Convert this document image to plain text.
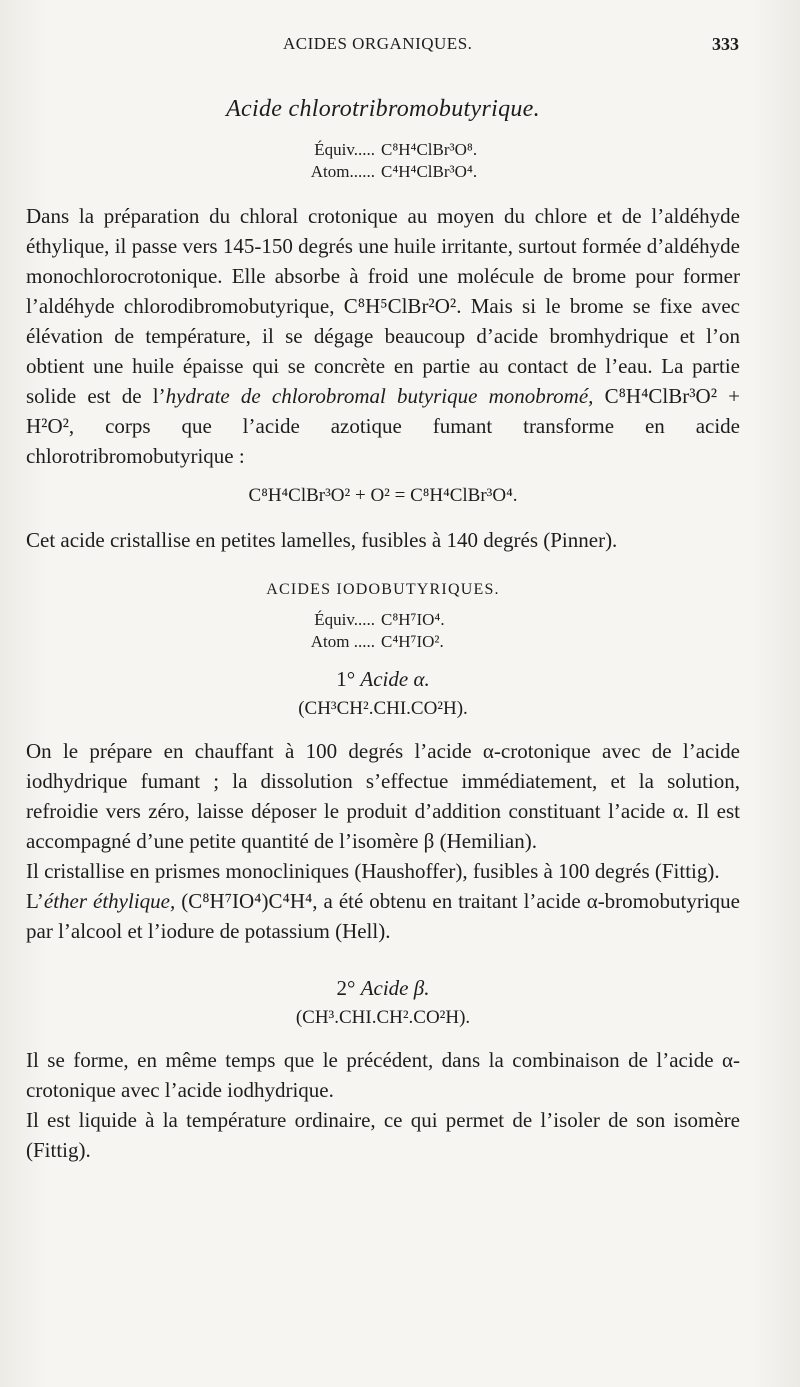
ACIDES ORGANIQUES.	333
Acide chlorotribromobutyrique.
Équiv..... C⁸H⁴ClBr³O⁸.
Atom...... C⁴H⁴ClBr³O⁴.

Dans la préparation du chloral crotonique au moyen du chlore et de l’aldéhyde éthylique, il passe vers 145-150 degrés une huile irritante, surtout formée d’aldéhyde monochlorocrotonique. Elle absorbe à froid une molécule de brome pour former l’aldéhyde chlorodibromobutyrique, C⁸H⁵ClBr²O². Mais si le brome se fixe avec élévation de température, il se dégage beaucoup d’acide bromhydrique et l’on obtient une huile épaisse qui se concrète en partie au contact de l’eau. La partie solide est de l’hydrate de chlorobromal butyrique monobromé, C⁸H⁴ClBr³O² + H²O², corps que l’acide azotique fumant transforme en acide chlorotribromobutyrique :

C⁸H⁴ClBr³O² + O² = C⁸H⁴ClBr³O⁴.

Cet acide cristallise en petites lamelles, fusibles à 140 degrés (Pinner).

ACIDES IODOBUTYRIQUES.
Équiv..... C⁸H⁷IO⁴.
Atom ..... C⁴H⁷IO².
1° Acide α.
(CH³CH².CHI.CO²H).

On le prépare en chauffant à 100 degrés l’acide α-crotonique avec de l’acide iodhydrique fumant ; la dissolution s’effectue immédiatement, et la solution, refroidie vers zéro, laisse déposer le produit d’addition constituant l’acide α. Il est accompagné d’une petite quantité de l’isomère β (Hemilian).

Il cristallise en prismes monocliniques (Haushoffer), fusibles à 100 degrés (Fittig).

L’éther éthylique, (C⁸H⁷IO⁴)C⁴H⁴, a été obtenu en traitant l’acide α-bromobutyrique par l’alcool et l’iodure de potassium (Hell).

2° Acide β.
(CH³.CHI.CH².CO²H).

Il se forme, en même temps que le précédent, dans la combinaison de l’acide α-crotonique avec l’acide iodhydrique.

Il est liquide à la température ordinaire, ce qui permet de l’isoler de son isomère (Fittig).
